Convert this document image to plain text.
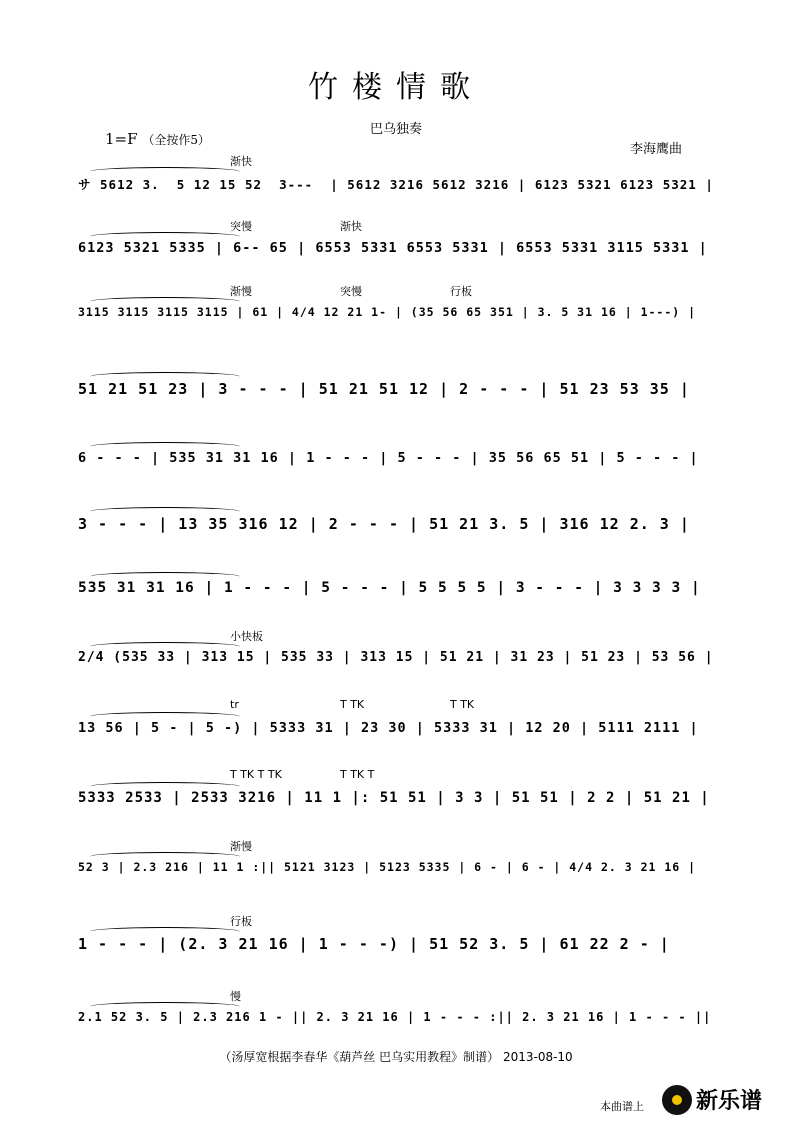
竹楼情歌
巴乌独奏
1=F （全按作5）
李海鹰曲
サ 5612 3.  5 12 15 52  3---  | 5612 3216 5612 3216 | 6123 5321 6123 5321 |
渐快
6123 5321 5335 | 6-- 65 | 6553 5331 6553 5331 | 6553 5331 3115 5331 |
突慢	渐快
3115 3115 3115 3115 | 61 | 4/4 12 21 1- | (35 56 65 351 | 3. 5 31 16 | 1---) |
渐慢	突慢	行板
51 21 51 23 | 3 - - - | 51 21 51 12 | 2 - - - | 51 23 53 35 |
6 - - - | 535 31 31 16 | 1 - - - | 5 - - - | 35 56 65 51 | 5 - - - |
3 - - - | 13 35 316 12 | 2 - - - | 51 21 3. 5 | 316 12 2. 3 |
535 31 31 16 | 1 - - - | 5 - - - | 5 5 5 5 | 3 - - - | 3 3 3 3 |
2/4 (535 33 | 313 15 | 535 33 | 313 15 | 51 21 | 31 23 | 51 23 | 53 56 |
小快板
13 56 | 5 - | 5 -) | 5333 31 | 23 30 | 5333 31 | 12 20 | 5111 2111 |
tr	T TK	T TK
5333 2533 | 2533 3216 | 11 1 |: 51 51 | 3 3 | 51 51 | 2 2 | 51 21 |
T TK T TK	T TK T
52 3 | 2.3 216 | 11 1 :|| 5121 3123 | 5123 5335 | 6 - | 6 - | 4/4 2. 3 21 16 |
渐慢
1 - - - | (2. 3 21 16 | 1 - - -) | 51 52 3. 5 | 61 22 2 - |
行板
2.1 52 3. 5 | 2.3 216 1 - || 2. 3 21 16 | 1 - - - :|| 2. 3 21 16 | 1 - - - ||
慢
（汤厚宽根据李春华《葫芦丝 巴乌实用教程》制谱） 2013-08-10
本曲谱上 新乐谱
